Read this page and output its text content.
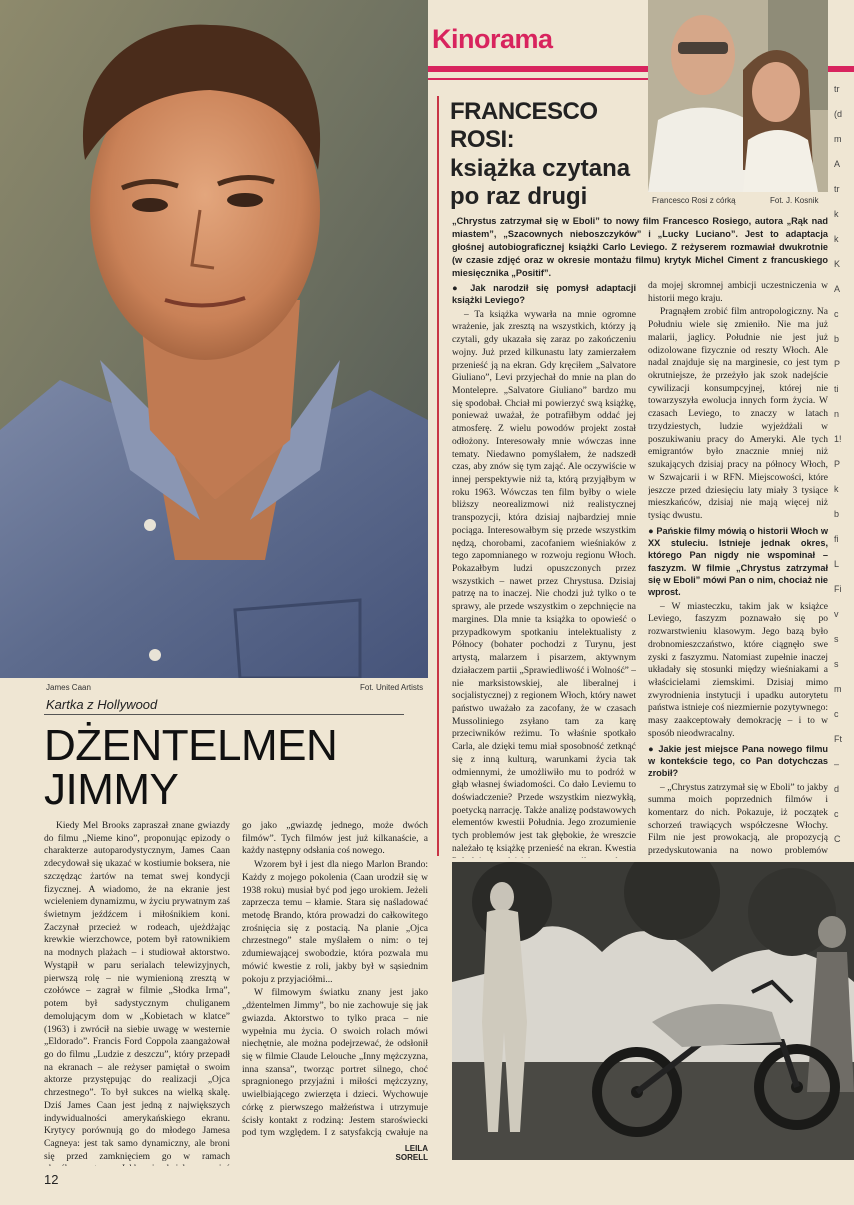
James Caan	Fot. United Artists
Kartka z Hollywood
DŻENTELMEN
JIMMY

Kiedy Mel Brooks zapraszał znane gwiazdy do filmu „Nieme kino”, proponując epizody o charakterze autoparodystycznym, James Caan zdecydował się ukazać w kostiumie boksera, nie szczędząc żartów na temat swej kondycji fizycznej. A wiadomo, że na ekranie jest wcieleniem dynamizmu, w życiu prywatnym zaś świetnym jeźdźcem i miłośnikiem koni. Zaczynał przecież w rodeach, ujeżdżając krewkie wierzchowce, potem był ratownikiem na modnych plażach – i studiował aktorstwo. Wystąpił w paru serialach telewizyjnych, pierwszą rolę – nie wymienioną zresztą w czołówce – zagrał w filmie „Słodka Irma”, potem był sadystycznym chuliganem demolującym dom w „Kobietach w klatce” (1963) i zwrócił na siebie uwagę w westernie „Eldorado”. Francis Ford Coppola zaangażował go do filmu „Ludzie z deszczu”, który przepadł na ekranach – ale reżyser pamiętał o swoim aktorze przystępując do realizacji „Ojca chrzestnego”. To był sukces na wielką skalę. Dziś James Caan jest jedną z największych indywidualności amerykańskiego ekranu. Krytycy porównują go do młodego Jamesa Cagneya: jest tak samo dynamiczny, ale broni się przed zamknięciem go w ramach

go jako „gwiazdę jednego, może dwóch filmów”. Tych filmów jest już kilkanaście, a każdy następny odsłania coś nowego.

Wzorem był i jest dla niego Marlon Brando: Każdy z mojego pokolenia (Caan urodził się w 1938 roku) musiał być pod jego urokiem. Jeżeli zaprzecza temu – kłamie. Stara się naśladować metodę Brando, która prowadzi do całkowitego zrośnięcia się z postacią. Na planie „Ojca chrzestnego” stale myślałem o nim: o tej zdumiewającej swobodzie, która pozwala mu mówić kwestie z roli, jakby był w sąsiednim pokoju z przyjaciółmi...

W filmowym światku znany jest jako „dżentelmen Jimmy”, bo nie zachowuje się jak gwiazda. Aktorstwo to tylko praca – nie wypełnia mu życia. O swoich rolach mówi niechętnie, ale można podejrzewać, że odsłonił się w filmie Claude Lelouche „Inny mężczyzna, inna szansa”, tworząc portret silnego, choć spragnionego przyjaźni i miłości mężczyzny, uwielbiającego zwierzęta i dzieci. Wychowuje córkę z pierwszego małżeństwa i utrzymuje ścisły kontakt z rodziną: Jestem staroświecki pod tym względem. I z satysfakcją cwałuje na

LEILA
SORELL
12
Kinorama
FRANCESCO ROSI:
książka czytana
po raz drugi	Francesco Rosi z córką	Fot. J. Kosnik
„Chrystus zatrzymał się w Eboli” to nowy film Francesco Rosiego, autora „Rąk nad miastem”, „Szacownych nieboszczyków” i „Lucky Luciano”. Jest to adaptacja głośnej autobiograficznej książki Carlo Leviego. Z reżyserem rozmawiał dwukrotnie (w czasie zdjęć oraz w okresie montażu filmu) krytyk Michel Ciment z francuskiego miesięcznika „Positif”.

● Jak narodził się pomysł adaptacji książki Leviego?

– Ta książka wywarła na mnie ogromne wrażenie, jak zresztą na wszystkich, którzy ją czytali, gdy ukazała się zaraz po zakończeniu wojny. Już przed kilkunastu laty zamierzałem przenieść ją na ekran. Gdy kręciłem „Salvatore Giuliano”, Levi przyjechał do mnie na plan do Montelepre. „Salvatore Giuliano” bardzo mu się spodobał. Chciał mi powierzyć swą książkę, ponieważ uważał, że potrafiłbym oddać jej atmosferę. Z wielu powodów projekt został odłożony. Interesowały mnie wówczas inne tematy. Niedawno pomyślałem, że nadszedł czas, aby znów się tym zająć. Ale oczywiście w innej perspektywie niż ta, którą przyjąłbym w roku 1963. Wówczas ten film byłby o wiele bliższy neorealizmowi niż realistycznej transpozycji, która dzisiaj najbardziej mnie pociąga. Interesowałbym się przede wszystkim nędzą, chorobami, zacofaniem wieśniaków z tego zapomnianego w rozwoju regionu Włoch. Pokazałbym ludzi opuszczonych przez wszystkich – nawet przez Chrystusa. Dzisiaj patrzę na to inaczej. Nie chodzi już tylko o te sprawy, ale przede wszystkim o zepchnięcie na margines. Dla mnie ta książka to opowieść o przypadkowym spotkaniu intelektualisty z Północy (bohater pochodzi z Turynu, jest artystą, malarzem i pisarzem, aktywnym działaczem partii „Sprawiedliwość i Wolność” – nie marksistowskiej, ale liberalnej i socjalistycznej) z regionem Włoch, który nawet państwo uważało za zacofany, że w czasach Mussoliniego zsyłano tam za karę przeciwników reżimu. To właśnie spotkało Carla, ale dzięki temu miał sposobność zetknąć się z inną kulturą, warunkami życia tak odmiennymi, że umożliwiło mu to podróż w głąb własnej świadomości. Co dało Leviemu to doświadczenie? Przede wszystkim niezwykłą, poetycką narrację. Także analizę podstawowych elementów kwestii Południa. Jego zrozumienie tych problemów jest tak głębokie, że wreszcie należało tę książkę przenieść na ekran. Kwestia

da mojej skromnej ambicji uczestniczenia w historii mego kraju.

Pragnąłem zrobić film antropologiczny. Na Południu wiele się zmieniło. Nie ma już malarii, jaglicy. Południe nie jest już odizolowane fizycznie od reszty Włoch. Ale nadal znajduje się na marginesie, co jest tym okrutniejsze, że przeżyło jak szok nadejście cywilizacji konsumpcyjnej, której nie towarzyszyła ewolucja innych form życia. W czasach Leviego, to znaczy w latach trzydziestych, ludzie wyjeżdżali w poszukiwaniu pracy do Ameryki. Ale tych emigrantów było znacznie mniej niż szukających dzisiaj pracy na północy Włoch, w Szwajcarii i w RFN. Miejscowości, które jeszcze przed dziesięciu laty miały 3 tysiące mieszkańców, dzisiaj nie mają więcej niż tysiąc dwustu.

● Pańskie filmy mówią o historii Włoch w XX stuleciu. Istnieje jednak okres, którego Pan nigdy nie wspominał – faszyzm. W filmie „Chrystus zatrzymał się w Eboli” mówi Pan o nim, chociaż nie wprost.

– W miasteczku, takim jak w książce Leviego, faszyzm poznawało się po rozwarstwieniu klasowym. Jego bazą było drobnomieszczaństwo, które ciągnęło swe zyski z faszyzmu. Natomiast zupełnie inaczej układały się stosunki między wieśniakami a właścicielami ziemskimi. Dzisiaj mimo zwyrodnienia instytucji i upadku autorytetu państwa istnieje coś niezmiernie pozytywnego: masy zaakceptowały demokrację – i to w sposób nieodwracalny.

● Jakie jest miejsce Pana nowego filmu w kontekście tego, co Pan dotychczas zrobił?

– „Chrystus zatrzymał się w Eboli” to jakby summa moich poprzednich filmów i komentarz do nich. Pokazuje, iż początek schorzeń trawiących współczesne Włochy. Film nie jest prowokacją, ale propozycją przedyskutowania na nowo problemów

tr
(d
m
A
tr
k
k
K
A
c
b
P
ti
n
1!
P
k
b
fi
L
Fi
v
s
s
m
c
Ft
–
d
c
C
